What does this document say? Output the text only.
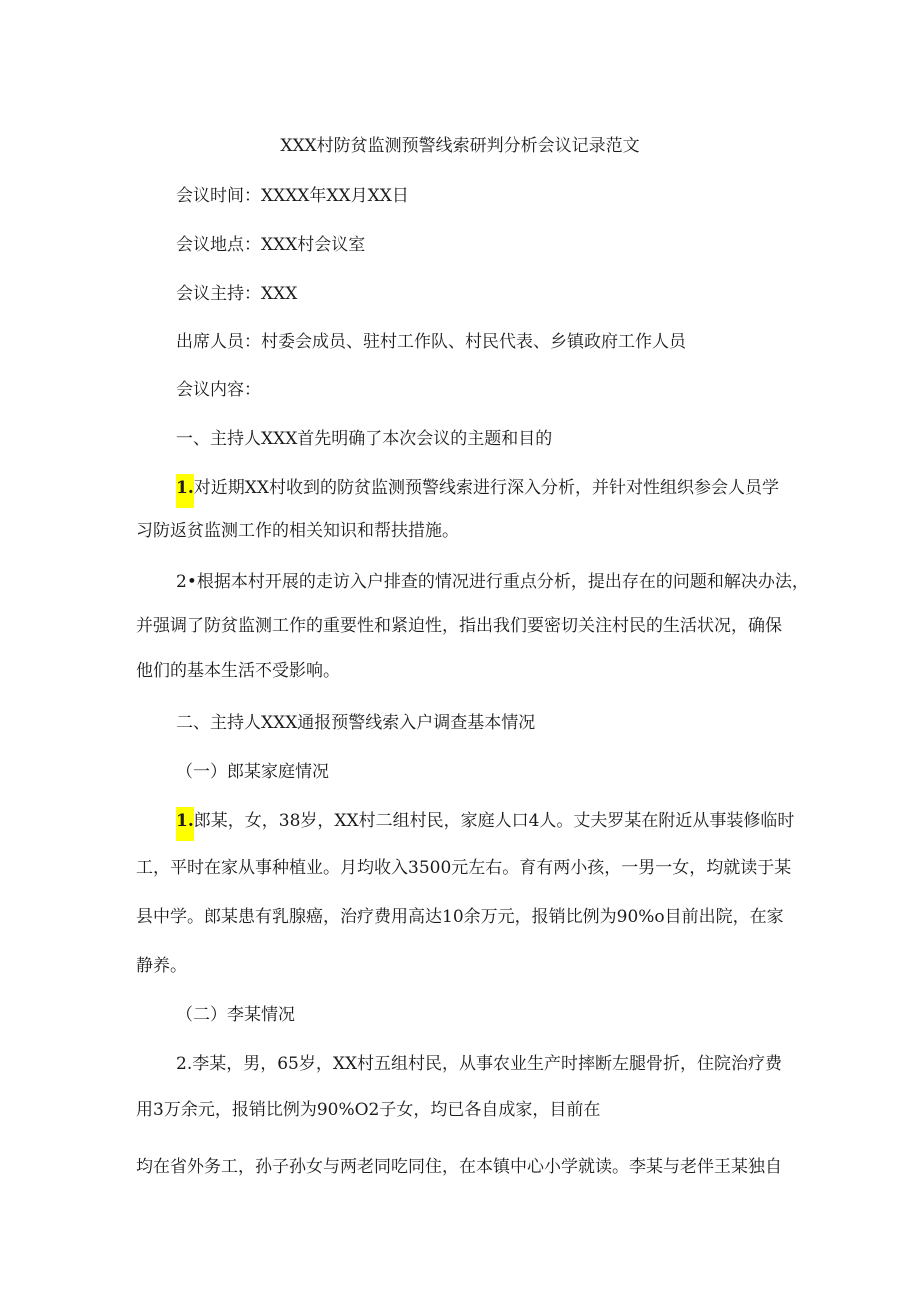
XXX村防贫监测预警线索研判分析会议记录范文
会议时间：XXXX年XX月XX日
会议地点：XXX村会议室
会议主持：XXX
出席人员：村委会成员、驻村工作队、村民代表、乡镇政府工作人员
会议内容：
一、主持人XXX首先明确了本次会议的主题和目的
1.对近期XX村收到的防贫监测预警线索进行深入分析，并针对性组织参会人员学
习防返贫监测工作的相关知识和帮扶措施。
2•根据本村开展的走访入户排查的情况进行重点分析，提出存在的问题和解决办法，
并强调了防贫监测工作的重要性和紧迫性，指出我们要密切关注村民的生活状况，确保
他们的基本生活不受影响。
二、主持人XXX通报预警线索入户调查基本情况
（一）郎某家庭情况
1.郎某，女，38岁，XX村二组村民，家庭人口4人。丈夫罗某在附近从事装修临时
工，平时在家从事种植业。月均收入3500元左右。育有两小孩，一男一女，均就读于某
县中学。郎某患有乳腺癌，治疗费用高达10余万元，报销比例为90%o目前出院，在家
静养。
（二）李某情况
2.李某，男，65岁，XX村五组村民，从事农业生产时摔断左腿骨折，住院治疗费
用3万余元，报销比例为90%O2子女，均已各自成家，目前在
均在省外务工，孙子孙女与两老同吃同住，在本镇中心小学就读。李某与老伴王某独自
